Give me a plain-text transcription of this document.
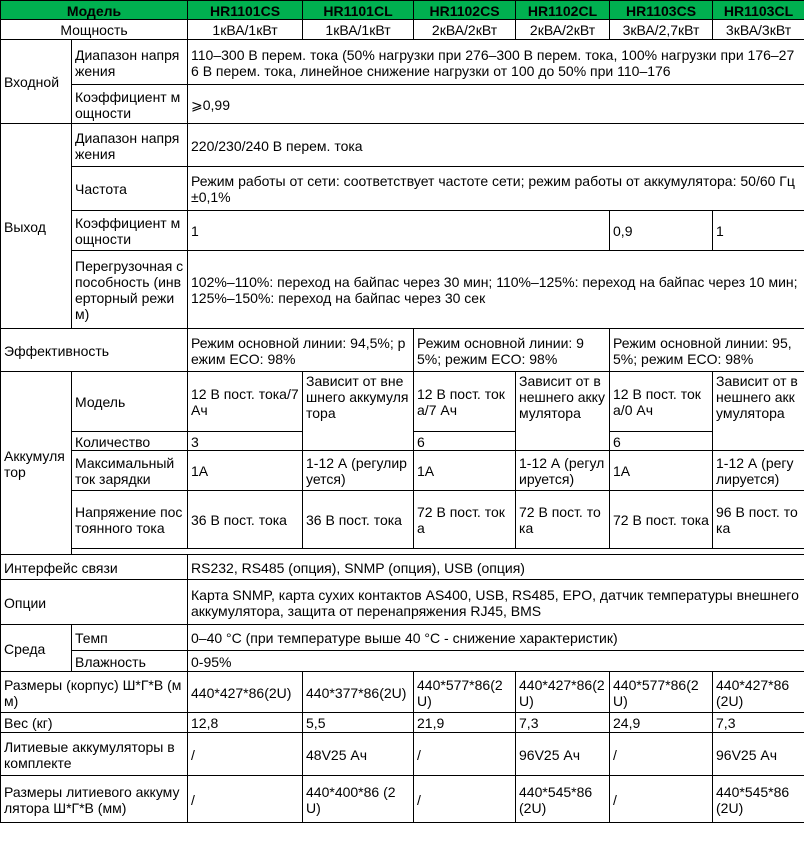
Модель		HR1101CS	HR1101CL	HR1102CS	HR1102CL	HR1103CS	HR1103CL
Мощность		1кВА/1кВт	1кВА/1кВт	2кВА/2кВт	2кВА/2кВт	3кВА/2,7кВт	3кВА/3кВт
Входной	Диапазон напряжения	110–300 В перем. тока (50% нагрузки при 276–300 В перем. тока, 100% нагрузки при 176–276 В перем. тока, линейное снижение нагрузки от 100 до 50% при 110–176					
	Коэффициент мощности	⩾0,99					
Выход	Диапазон напряжения	220/230/240 В перем. тока					
	Частота	Режим работы от сети: соответствует частоте сети; режим работы от аккумулятора: 50/60 Гц±0,1%					
	Коэффициент мощности	1				0,9	1
	Перегрузочная способность (инверторный режим)	102%–110%: переход на байпас через 30 мин; 110%–125%: переход на байпас через 10 мин; 125%–150%: переход на байпас через 30 сек					
Эффективность		Режим основной линии: 94,5%; режим ECO: 98%		Режим основной линии: 95%; режим ECO: 98%		Режим основной линии: 95,5%; режим ECO: 98%	
Аккумулятор	Модель	12 В пост. тока/7 Ач	Зависит от внешнего аккумулятора	12 В пост. тока/7 Ач	Зависит от внешнего аккумулятора	12 В пост. тока/0 Ач	Зависит от внешнего аккумулятора
	Количество	3		6		6	
	Максимальный ток зарядки	1А	1-12 А (регулируется)	1А	1-12 А (регулируется)	1А	1-12 А (регулируется)
	Напряжение постоянного тока	36 В пост. тока	36 В пост. тока	72 В пост. тока	72 В пост. тока	72 В пост. тока	96 В пост. тока

Интерфейс связи		RS232, RS485 (опция), SNMP (опция), USB (опция)					
Опции		Карта SNMP, карта сухих контактов AS400, USB, RS485, EPO, датчик температуры внешнего аккумулятора, защита от перенапряжения RJ45, BMS					
Среда	Темп	0–40 °C (при температуре выше 40 °C - снижение характеристик)					
	Влажность	0-95%					
Размеры (корпус) Ш*Г*В (мм)		440*427*86(2U)	440*377*86(2U)	440*577*86(2U)	440*427*86(2U)	440*577*86(2U)	440*427*86(2U)
Вес (кг)		12,8	5,5	21,9	7,3	24,9	7,3
Литиевые аккумуляторы в комплекте		/	48V25 Ач	/	96V25 Ач	/	96V25 Ач
Размеры литиевого аккумулятора Ш*Г*В (мм)		/	440*400*86 (2U)	/	440*545*86 (2U)	/	440*545*86 (2U)
